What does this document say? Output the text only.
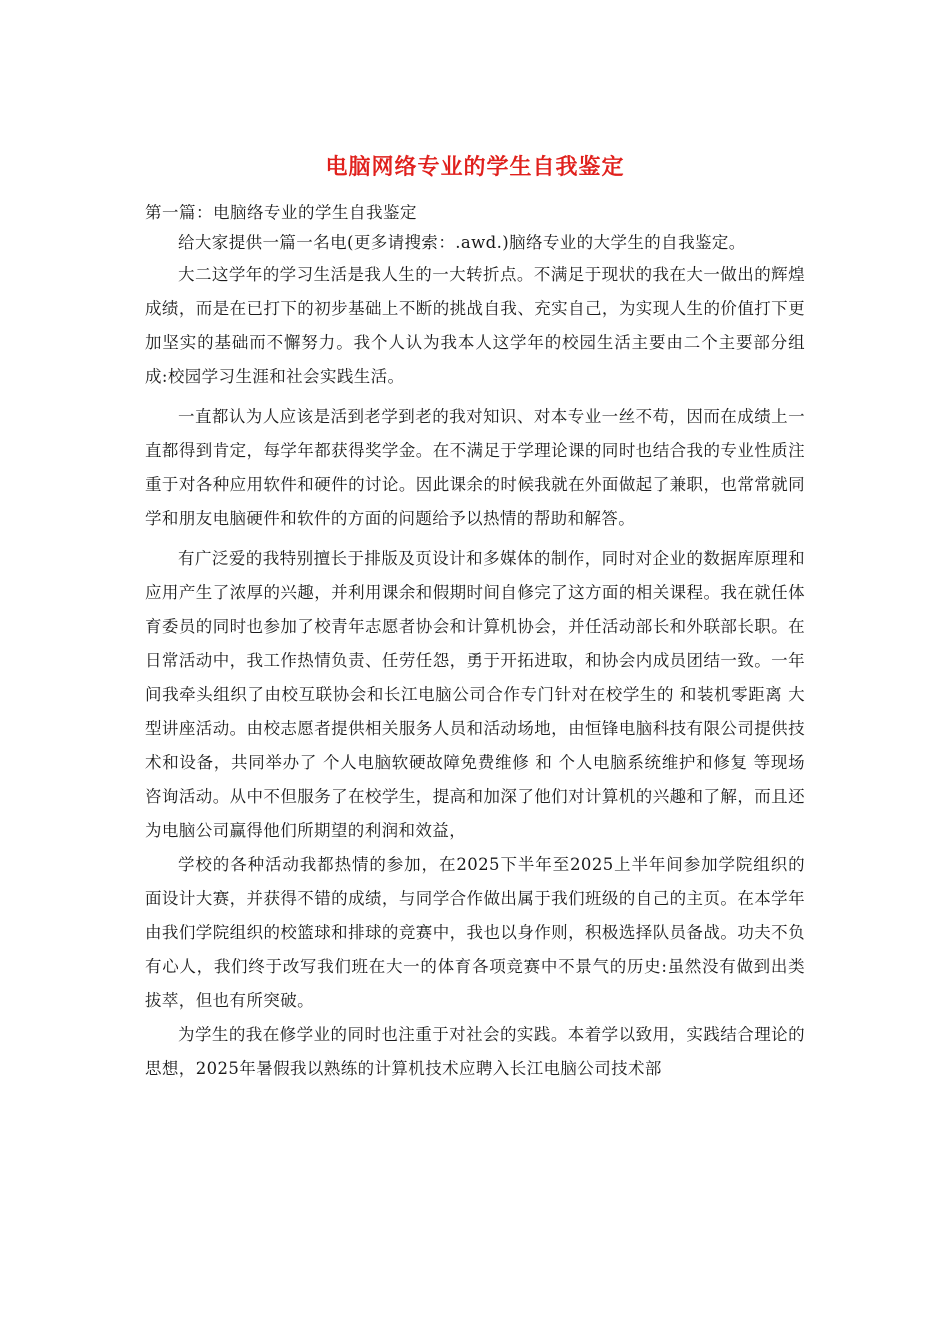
电脑网络专业的学生自我鉴定

第一篇：电脑络专业的学生自我鉴定

给大家提供一篇一名电(更多请搜索：.awd.)脑络专业的大学生的自我鉴定。

大二这学年的学习生活是我人生的一大转折点。不满足于现状的我在大一做出的辉煌成绩，而是在已打下的初步基础上不断的挑战自我、充实自己，为实现人生的价值打下更加坚实的基础而不懈努力。我个人认为我本人这学年的校园生活主要由二个主要部分组成:校园学习生涯和社会实践生活。

一直都认为人应该是活到老学到老的我对知识、对本专业一丝不苟，因而在成绩上一直都得到肯定，每学年都获得奖学金。在不满足于学理论课的同时也结合我的专业性质注重于对各种应用软件和硬件的讨论。因此课余的时候我就在外面做起了兼职，也常常就同学和朋友电脑硬件和软件的方面的问题给予以热情的帮助和解答。

有广泛爱的我特别擅长于排版及页设计和多媒体的制作，同时对企业的数据库原理和应用产生了浓厚的兴趣，并利用课余和假期时间自修完了这方面的相关课程。我在就任体育委员的同时也参加了校青年志愿者协会和计算机协会，并任活动部长和外联部长职。在日常活动中，我工作热情负责、任劳任怨，勇于开拓进取，和协会内成员团结一致。一年间我牵头组织了由校互联协会和长江电脑公司合作专门针对在校学生的 和装机零距离 大型讲座活动。由校志愿者提供相关服务人员和活动场地，由恒锋电脑科技有限公司提供技术和设备，共同举办了 个人电脑软硬故障免费维修 和 个人电脑系统维护和修复 等现场咨询活动。从中不但服务了在校学生，提高和加深了他们对计算机的兴趣和了解，而且还为电脑公司赢得他们所期望的利润和效益，

学校的各种活动我都热情的参加，在2025下半年至2025上半年间参加学院组织的面设计大赛，并获得不错的成绩，与同学合作做出属于我们班级的自己的主页。在本学年由我们学院组织的校篮球和排球的竞赛中，我也以身作则，积极选择队员备战。功夫不负有心人，我们终于改写我们班在大一的体育各项竞赛中不景气的历史:虽然没有做到出类拔萃，但也有所突破。

为学生的我在修学业的同时也注重于对社会的实践。本着学以致用，实践结合理论的思想，2025年暑假我以熟练的计算机技术应聘入长江电脑公司技术部
